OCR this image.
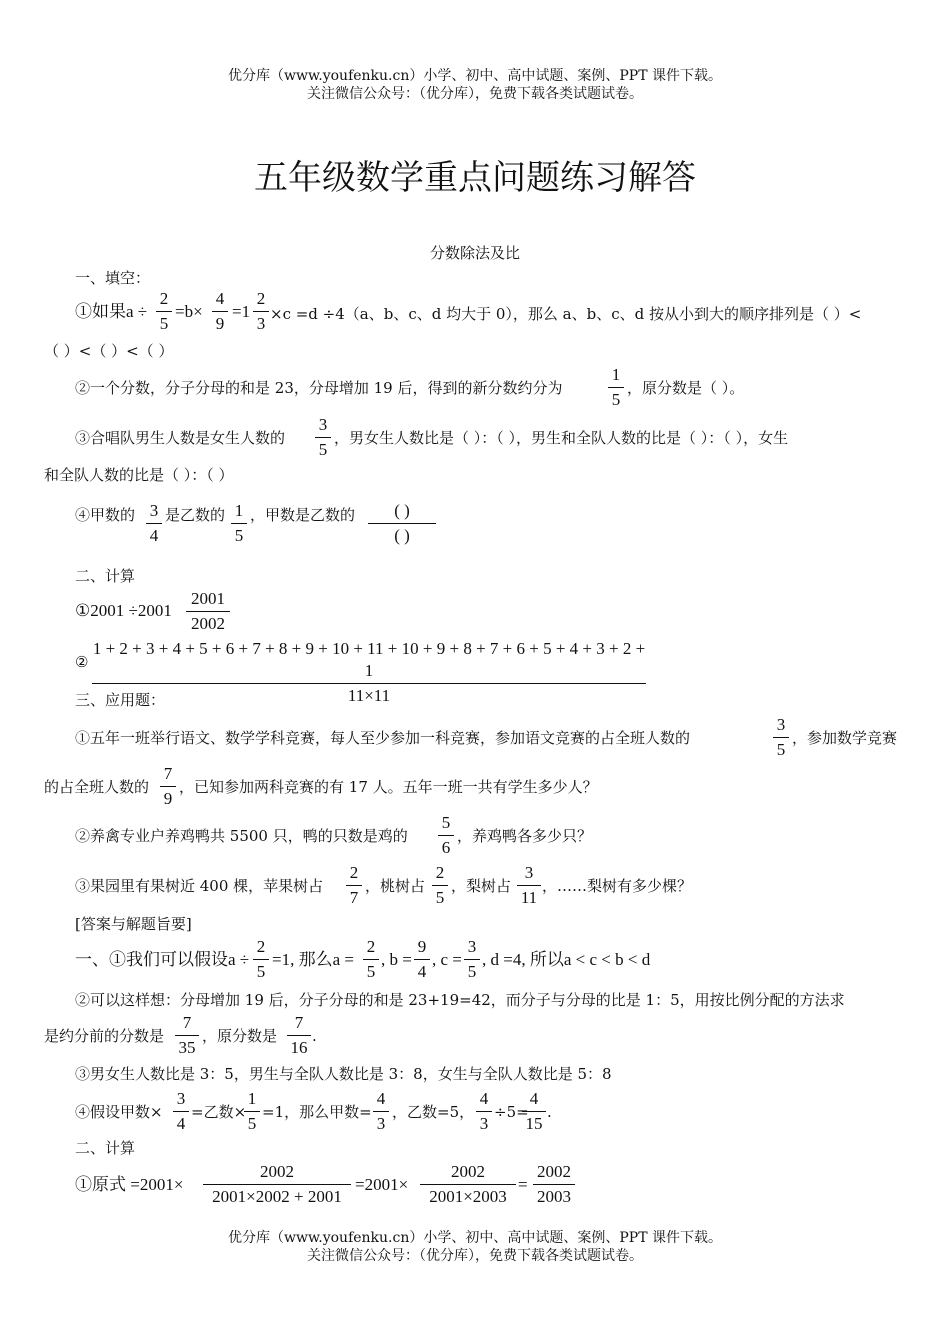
优分库（www.youfenku.cn）小学、初中、高中试题、案例、PPT 课件下载。
关注微信公众号：（优分库），免费下载各类试题试卷。
五年级数学重点问题练习解答
分数除法及比
一、填空：
①如果a ÷
2
5
=b×
4
9
=1
2
3 ×c =d ÷4（a、b、c、d 均大于 0），那么 a、b、c、d 按从小到大的顺序排列是（ ）<
（ ）<（ ）<（ ）
②一个分数，分子分母的和是 23，分母增加 19 后，得到的新分数约分为
1
5
，原分数是（ ）。
③合唱队男生人数是女生人数的
3
5
，男女生人数比是（ ）：（ ），男生和全队人数的比是（ ）：（ ），女生
和全队人数的比是（ ）：（ ）
④甲数的 3
4
是乙数的 1
5
，甲数是乙数的	( )
( )
二、计算
①2001 ÷2001
2001
2002
②
1 + 2 + 3 + 4 + 5 + 6 + 7 + 8 + 9 + 10 + 11 + 10 + 9 + 8 + 7 + 6 + 5 + 4 + 3 + 2 + 1
11×11
三、应用题：
①五年一班举行语文、数学学科竞赛，每人至少参加一科竞赛，参加语文竞赛的占全班人数的
3
5
，参加数学竞赛
的占全班人数的
7
9
，已知参加两科竞赛的有 17 人。五年一班一共有学生多少人？
②养禽专业户养鸡鸭共 5500 只，鸭的只数是鸡的
5
6
，养鸡鸭各多少只？
③果园里有果树近 400 棵，苹果树占
2
7
，桃树占
2
5
，梨树占
3
11
，……梨树有多少棵？
[答案与解题旨要]
一、①我们可以假设a ÷
2
5
=1, 那么a =
2
5
, b =
9
4
, c =
3
5
, d =4, 所以a < c < b < d
②可以这样想：分母增加 19 后，分子分母的和是 23+19=42，而分子与分母的比是 1：5，用按比例分配的方法求
是约分前的分数是
7
35
，原分数是
7
16
.
③男女生人数比是 3：5，男生与全队人数比是 3：8，女生与全队人数比是 5：8
④假设甲数×
3
4
=乙数×
1
5
=1，那么甲数=
4
3
，乙数=5，
4
3
÷5=
4
15
.
二、计算
①原式 =2001×
2002
2001×2002 + 2001
=2001×
2002
2001×2003
=
2002
2003
优分库（www.youfenku.cn）小学、初中、高中试题、案例、PPT 课件下载。
关注微信公众号：（优分库），免费下载各类试题试卷。
